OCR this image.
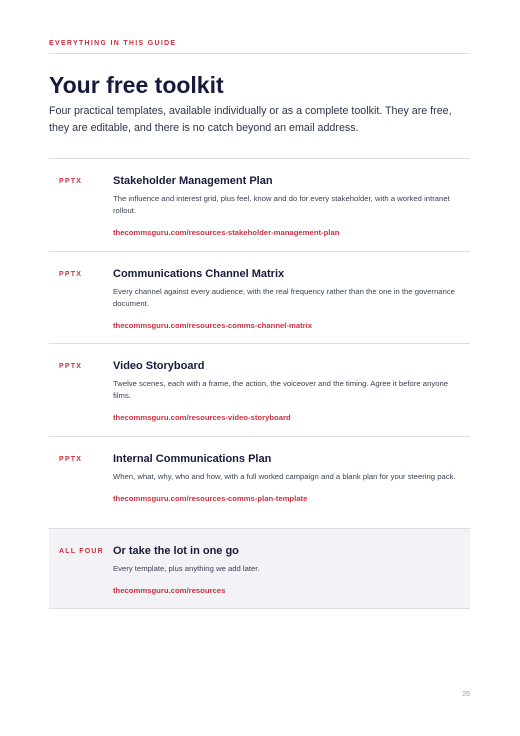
EVERYTHING IN THIS GUIDE
Your free toolkit

Four practical templates, available individually or as a complete toolkit. They are free, they are editable, and there is no catch beyond an email address.

PPTX	Stakeholder Management Plan
The influence and interest grid, plus feel, know and do for every stakeholder, with a worked intranet rollout.
thecommsguru.com/resources-stakeholder-management-plan
PPTX	Communications Channel Matrix
Every channel against every audience, with the real frequency rather than the one in the governance document.
thecommsguru.com/resources-comms-channel-matrix
PPTX	Video Storyboard
Twelve scenes, each with a frame, the action, the voiceover and the timing. Agree it before anyone films.
thecommsguru.com/resources-video-storyboard
PPTX	Internal Communications Plan
When, what, why, who and how, with a full worked campaign and a blank plan for your steering pack.
thecommsguru.com/resources-comms-plan-template
ALL FOUR Or take the lot in one go
Every template, plus anything we add later.
thecommsguru.com/resources
26
